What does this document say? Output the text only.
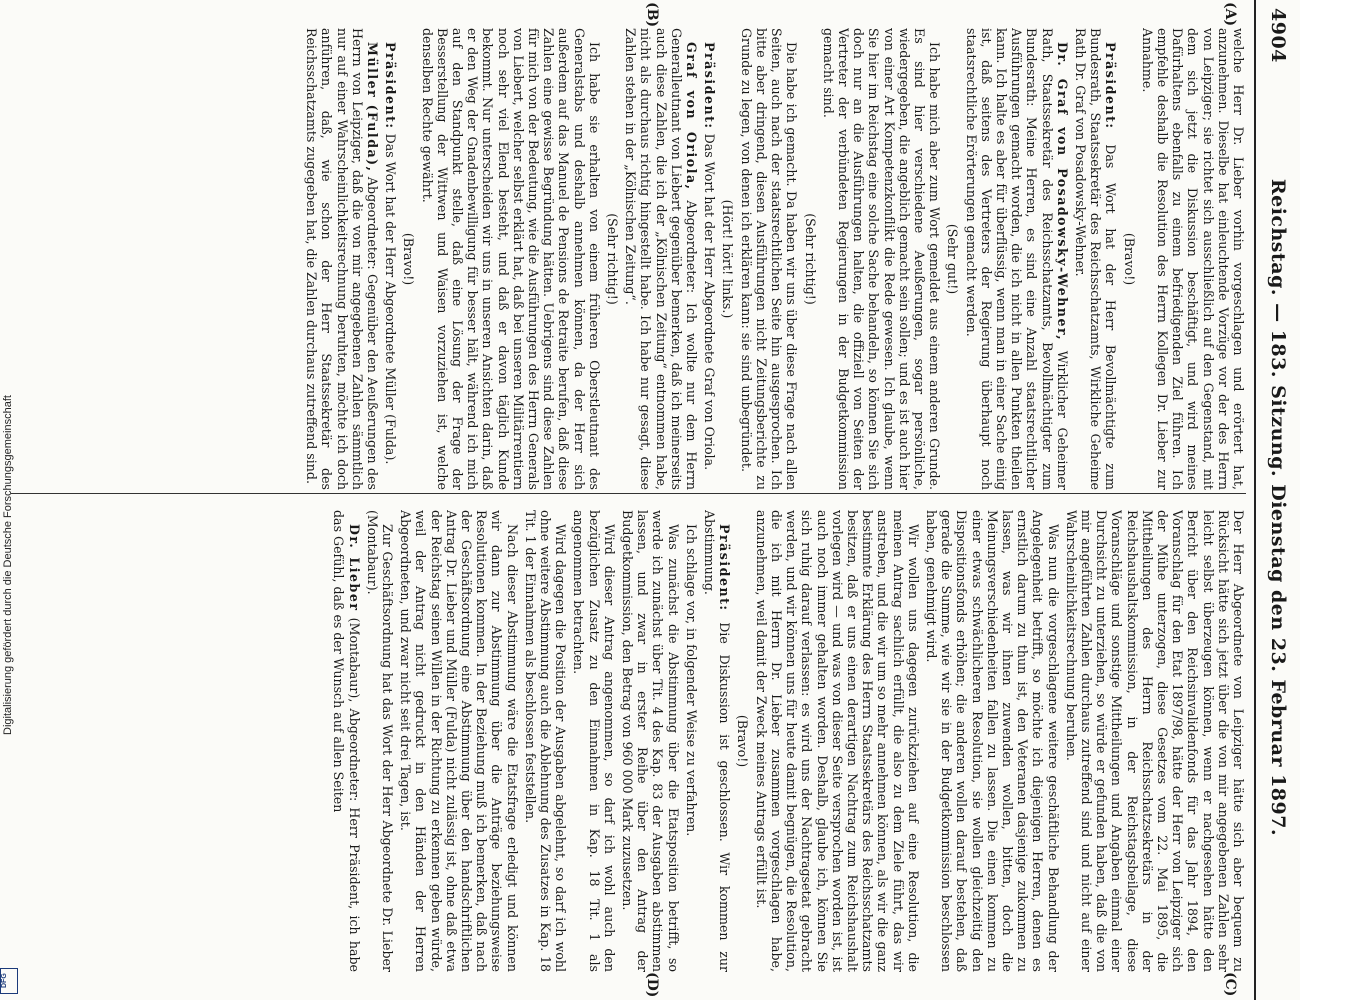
4904
Reichstag. — 183. Sitzung. Dienstag den 23. Februar 1897.
(A)
(B)
(C)
(D)

welche Herr Dr. Lieber vorhin vorgeschlagen und erörtert hat, anzunehmen. Dieselbe hat einleuchtende Vorzüge vor der des Herrn von Leipziger; sie richtet sich ausschließlich auf den Gegenstand, mit dem sich jetzt die Diskussion beschäftigt, und wird meines Dafürhaltens ebenfalls zu einem befriedigenden Ziel führen. Ich empfehle deshalb die Resolution des Herrn Kollegen Dr. Lieber zur Annahme.

(Bravo!)

Präsident: Das Wort hat der Herr Bevollmächtigte zum Bundesrath, Staatssekretär des Reichsschatzamts, Wirkliche Geheime Rath Dr. Graf von Posadowsky-Wehner.

Dr. Graf von Posadowsky-Wehner, Wirklicher Geheimer Rath, Staatssekretär des Reichsschatzamts, Bevollmächtigter zum Bundesrath: Meine Herren, es sind eine Anzahl staatsrechtlicher Ausführungen gemacht worden, die ich nicht in allen Punkten theilen kann. Ich halte es aber für überflüssig, wenn man in einer Sache einig ist, daß seitens des Vertreters der Regierung überhaupt noch staatsrechtliche Erörterungen gemacht werden.

(Sehr gut!)

Ich habe mich aber zum Wort gemeldet aus einem anderen Grunde. Es sind hier verschiedene Aeußerungen, sogar persönliche, wiedergegeben, die angeblich gemacht sein sollen; und es ist auch hier von einer Art Kompetenzkonflikt die Rede gewesen. Ich glaube, wenn Sie hier im Reichstag eine solche Sache behandeln, so können Sie sich doch nur an die Ausführungen halten, die offiziell von Seiten der Vertreter der verbündeten Regierungen in der Budgetkommission gemacht sind.

(Sehr richtig!)

Die habe ich gemacht. Da haben wir uns über diese Frage nach allen Seiten, auch nach der staatsrechtlichen Seite hin ausgesprochen. Ich bitte aber dringend, diesen Ausführungen nicht Zeitungsberichte zu Grunde zu legen, von denen ich erklären kann: sie sind unbegründet.

(Hört! hört! links.)

Präsident: Das Wort hat der Herr Abgeordnete Graf von Oriola.

Graf von Oriola, Abgeordneter: Ich wollte nur dem Herrn Generalleutnant von Liebert gegenüber bemerken, daß ich meinerseits auch diese Zahlen, die ich der „Kölnischen Zeitung“ entnommen habe, nicht als durchaus richtig hingestellt habe. Ich habe nur gesagt, diese Zahlen stehen in der „Kölnischen Zeitung“.

(Sehr richtig!)

Ich habe sie erhalten von einem früheren Oberstleutnant des Generalstabs und deshalb annehmen können, da der Herr sich außerdem auf das Manuel de Pensions de Retraite berufen, daß diese Zahlen eine gewisse Begründung hätten. Uebrigens sind diese Zahlen für mich von der Bedeutung, wie die Ausführungen des Herrn Generals von Liebert, welcher selbst erklärt hat, daß bei unseren Militärrentiern noch sehr viel Elend besteht, und daß er davon täglich Kunde bekommt. Nur unterscheiden wir uns in unseren Ansichten darin, daß er den Weg der Gnadenbewilligung für besser hält, während ich mich auf den Standpunkt stelle, daß eine Lösung der Frage der Besserstellung der Wittwen und Waisen vorzuziehen ist, welche denselben Rechte gewährt.

(Bravo!)

Präsident: Das Wort hat der Herr Abgeordnete Müller (Fulda).

Müller (Fulda), Abgeordneter: Gegenüber den Aeußerungen des Herrn von Leipziger, daß die von mir angegebenen Zahlen sämmtlich nur auf einer Wahrscheinlichkeitsrechnung beruhten, möchte ich doch anführen, daß, wie schon der Herr Staatssekretär des Reichsschatzamts zugegeben hat, die Zahlen durchaus zutreffend sind.

Der Herr Abgeordnete von Leipziger hätte sich aber bequem zu Rücksicht hätte sich jetzt über die von mir angegebenen Zahlen sehr leicht selbst überzeugen können, wenn er nachgesehen hätte den Bericht über den Reichsinvalidenfonds für das Jahr 1894, den Voranschlag für den Etat 1897/98, hätte der Herr von Leipziger sich der Mühe unterzogen, diese Gesetzes vom 22. Mai 1895, die Mittheilungen des Herrn Reichsschatzsekretärs in der Reichshaushaltskommission, in der Reichstagsbeilage, diese Voranschläge und sonstige Mittheilungen und Angaben einmal einer Durchsicht zu unterziehen, so würde er gefunden haben, daß die von mir angeführten Zahlen durchaus zutreffend sind und nicht auf einer Wahrscheinlichkeitsrechnung beruhen.

Was nun die vorgeschlagene weitere geschäftliche Behandlung der Angelegenheit betrifft, so möchte ich diejenigen Herren, denen es ernstlich darum zu thun ist, den Veteranen dasjenige zukommen zu lassen, was wir ihnen zuwenden wollen, bitten, doch die Meinungsverschiedenheiten fallen zu lassen. Die einen kommen zu einer etwas schwächlicheren Resolution, sie wollen gleichzeitig den Dispositionsfonds erhöhen; die anderen wollen darauf bestehen, daß gerade die Summe, wie wir sie in der Budgetkommission beschlossen haben, genehmigt wird.

Wir wollen uns dagegen zurückziehen auf eine Resolution, die meinen Antrag sachlich erfüllt, die also zu dem Ziele führt, das wir anstreben, und die wir um so mehr annehmen können, als wir die ganz bestimmte Erklärung des Herrn Staatssekretärs des Reichsschatzamts besitzen, daß er uns einen derartigen Nachtrag zum Reichshaushalt vorlegen wird — und was von dieser Seite versprochen worden ist, ist auch noch immer gehalten worden. Deshalb, glaube ich, können Sie sich ruhig darauf verlassen: es wird uns der Nachtragsetat gebracht werden, und wir können uns für heute damit begnügen, die Resolution, die ich mit Herrn Dr. Lieber zusammen vorgeschlagen habe, anzunehmen, weil damit der Zweck meines Antrags erfüllt ist.

(Bravo!)

Präsident: Die Diskussion ist geschlossen. Wir kommen zur Abstimmung.

Ich schlage vor, in folgender Weise zu verfahren.

Was zunächst die Abstimmung über die Etatsposition betrifft, so werde ich zunächst über Tit. 4 des Kap. 83 der Ausgaben abstimmen lassen, und zwar in erster Reihe über den Antrag der Budgetkommission, den Betrag von 960 000 Mark zuzusetzen.

Wird dieser Antrag angenommen, so darf ich wohl auch den bezüglichen Zusatz zu den Einnahmen in Kap. 18 Tit. 1 als angenommen betrachten.

Wird dagegen die Position der Ausgaben abgelehnt, so darf ich wohl ohne weitere Abstimmung auch die Ablehnung des Zusatzes in Kap. 18 Tit. 1 der Einnahmen als beschlossen feststellen.

Nach dieser Abstimmung wäre die Etatsfrage erledigt und können wir dann zur Abstimmung über die Anträge beziehungsweise Resolutionen kommen. In der Beziehung muß ich bemerken, daß nach der Geschäftsordnung eine Abstimmung über den handschriftlichen Antrag Dr. Lieber und Müller (Fulda) nicht zulässig ist, ohne daß etwa der Reichstag seinen Willen in der Richtung zu erkennen geben würde, weil der Antrag nicht gedruckt in den Händen der Herren Abgeordneten, und zwar nicht seit drei Tagen, ist.

Zur Geschäftsordnung hat das Wort der Herr Abgeordnete Dr. Lieber (Montabaur).

Dr. Lieber (Montabaur), Abgeordneter: Herr Präsident, ich habe das Gefühl, daß es der Wunsch auf allen Seiten

Digitalisierung gefördert durch die Deutsche Forschungsgemeinschaft
DFG
